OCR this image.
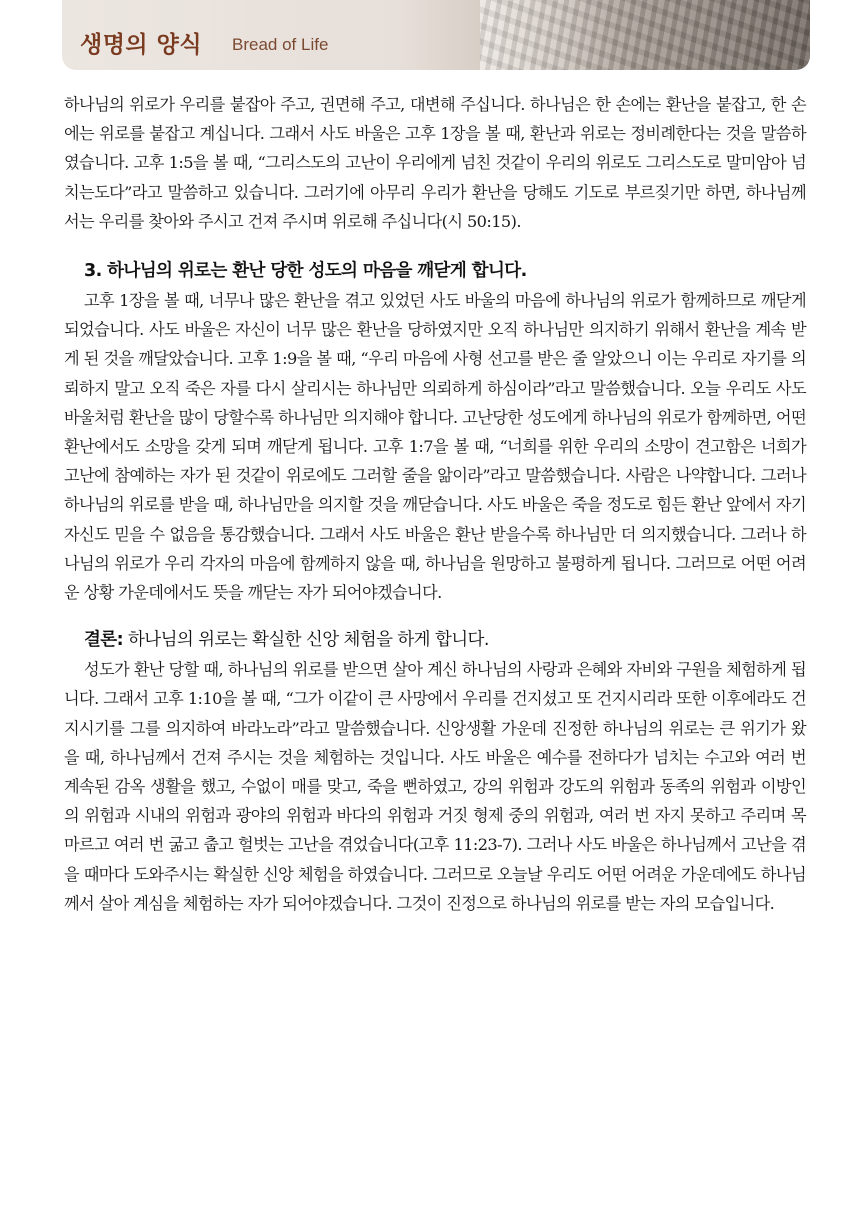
생명의 양식 Bread of Life

하나님의 위로가 우리를 붙잡아 주고, 권면해 주고, 대변해 주십니다. 하나님은 한 손에는 환난을 붙잡고, 한 손에는 위로를 붙잡고 계십니다. 그래서 사도 바울은 고후 1장을 볼 때, 환난과 위로는 정비례한다는 것을 말씀하였습니다. 고후 1:5을 볼 때, “그리스도의 고난이 우리에게 넘친 것같이 우리의 위로도 그리스도로 말미암아 넘치는도다”라고 말씀하고 있습니다. 그러기에 아무리 우리가 환난을 당해도 기도로 부르짖기만 하면, 하나님께서는 우리를 찾아와 주시고 건져 주시며 위로해 주십니다(시 50:15).

3. 하나님의 위로는 환난 당한 성도의 마음을 깨닫게 합니다.

고후 1장을 볼 때, 너무나 많은 환난을 겪고 있었던 사도 바울의 마음에 하나님의 위로가 함께하므로 깨닫게 되었습니다. 사도 바울은 자신이 너무 많은 환난을 당하였지만 오직 하나님만 의지하기 위해서 환난을 계속 받게 된 것을 깨달았습니다. 고후 1:9을 볼 때, “우리 마음에 사형 선고를 받은 줄 알았으니 이는 우리로 자기를 의뢰하지 말고 오직 죽은 자를 다시 살리시는 하나님만 의뢰하게 하심이라”라고 말씀했습니다. 오늘 우리도 사도 바울처럼 환난을 많이 당할수록 하나님만 의지해야 합니다. 고난당한 성도에게 하나님의 위로가 함께하면, 어떤 환난에서도 소망을 갖게 되며 깨닫게 됩니다. 고후 1:7을 볼 때, “너희를 위한 우리의 소망이 견고함은 너희가 고난에 참예하는 자가 된 것같이 위로에도 그러할 줄을 앎이라”라고 말씀했습니다. 사람은 나약합니다. 그러나 하나님의 위로를 받을 때, 하나님만을 의지할 것을 깨닫습니다. 사도 바울은 죽을 정도로 힘든 환난 앞에서 자기 자신도 믿을 수 없음을 통감했습니다. 그래서 사도 바울은 환난 받을수록 하나님만 더 의지했습니다. 그러나 하나님의 위로가 우리 각자의 마음에 함께하지 않을 때, 하나님을 원망하고 불평하게 됩니다. 그러므로 어떤 어려운 상황 가운데에서도 뜻을 깨닫는 자가 되어야겠습니다.

결론: 하나님의 위로는 확실한 신앙 체험을 하게 합니다.

성도가 환난 당할 때, 하나님의 위로를 받으면 살아 계신 하나님의 사랑과 은혜와 자비와 구원을 체험하게 됩니다. 그래서 고후 1:10을 볼 때, “그가 이같이 큰 사망에서 우리를 건지셨고 또 건지시리라 또한 이후에라도 건지시기를 그를 의지하여 바라노라”라고 말씀했습니다. 신앙생활 가운데 진정한 하나님의 위로는 큰 위기가 왔을 때, 하나님께서 건져 주시는 것을 체험하는 것입니다. 사도 바울은 예수를 전하다가 넘치는 수고와 여러 번 계속된 감옥 생활을 했고, 수없이 매를 맞고, 죽을 뻔하였고, 강의 위험과 강도의 위험과 동족의 위험과 이방인의 위험과 시내의 위험과 광야의 위험과 바다의 위험과 거짓 형제 중의 위험과, 여러 번 자지 못하고 주리며 목마르고 여러 번 굶고 춥고 헐벗는 고난을 겪었습니다(고후 11:23-7). 그러나 사도 바울은 하나님께서 고난을 겪을 때마다 도와주시는 확실한 신앙 체험을 하였습니다. 그러므로 오늘날 우리도 어떤 어려운 가운데에도 하나님께서 살아 계심을 체험하는 자가 되어야겠습니다. 그것이 진정으로 하나님의 위로를 받는 자의 모습입니다.
